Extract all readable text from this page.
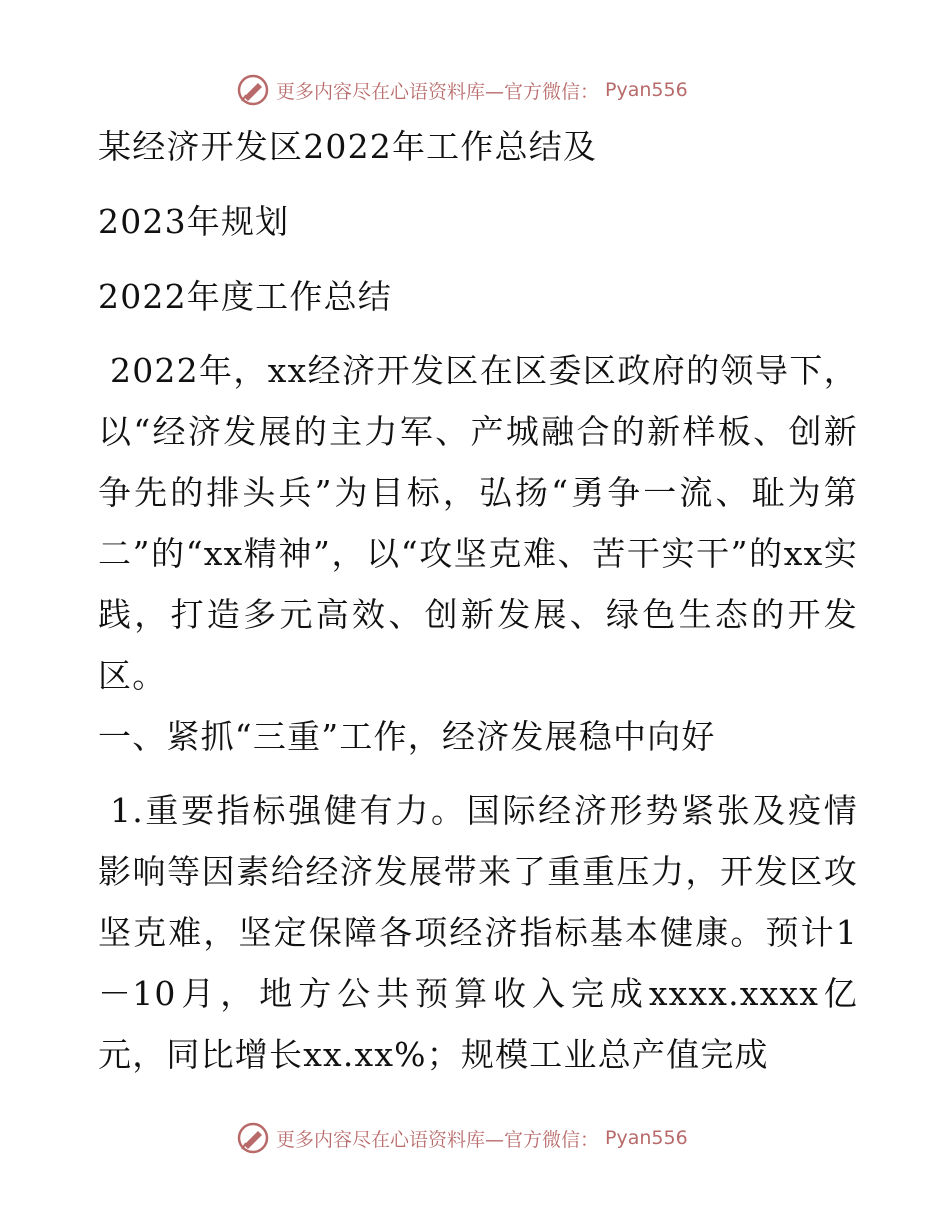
更多内容尽在心语资料库—官方微信： Pyan556

某经济开发区2022年工作总结及

2023年规划

2022年度工作总结

2022年，xx经济开发区在区委区政府的领导下，以“经济发展的主力军、产城融合的新样板、创新争先的排头兵”为目标，弘扬“勇争一流、耻为第二”的“xx精神”，以“攻坚克难、苦干实干”的xx实践，打造多元高效、创新发展、绿色生态的开发区。

一、紧抓“三重”工作，经济发展稳中向好

1.重要指标强健有力。国际经济形势紧张及疫情影响等因素给经济发展带来了重重压力，开发区攻坚克难，坚定保障各项经济指标基本健康。预计1－10月，地方公共预算收入完成xxxx.xxxx亿元，同比增长xx.xx%；规模工业总产值完成

更多内容尽在心语资料库—官方微信： Pyan556
